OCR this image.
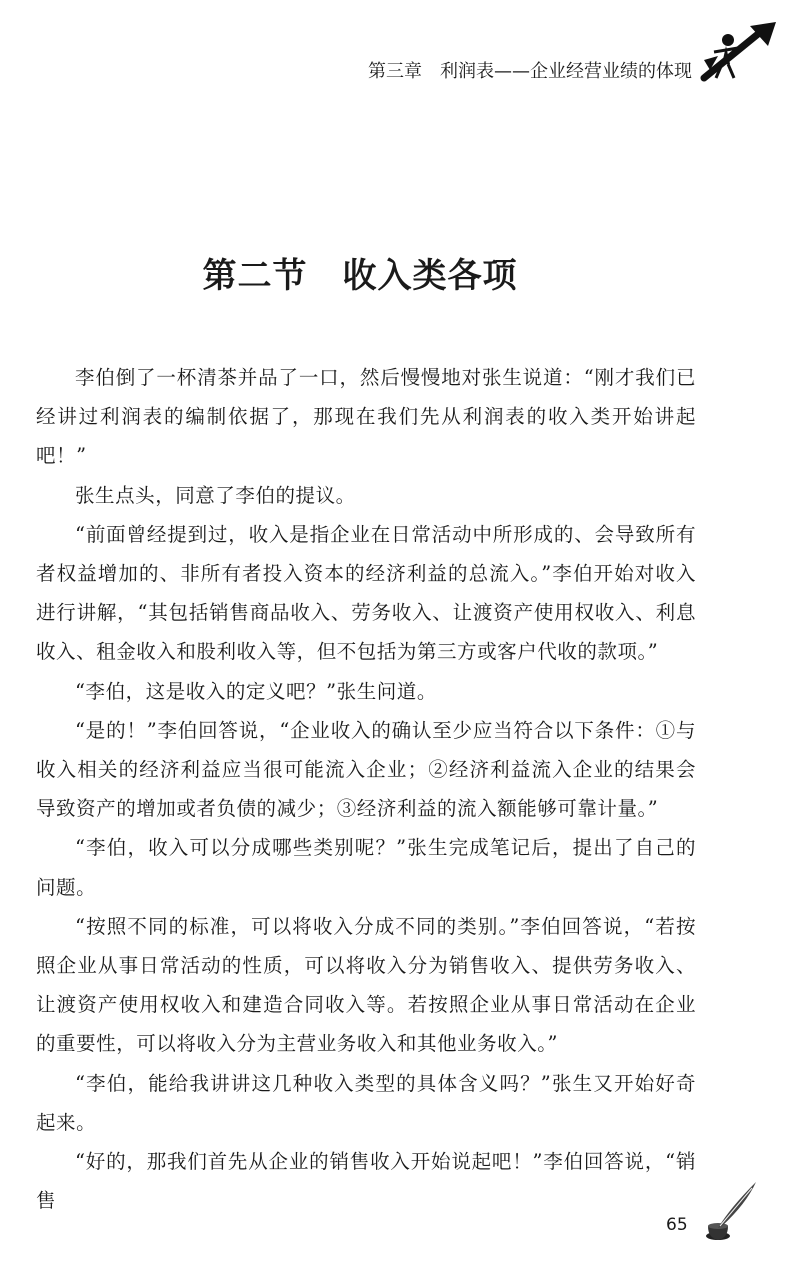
第三章　利润表——企业经营业绩的体现
第二节　收入类各项

李伯倒了一杯清茶并品了一口，然后慢慢地对张生说道：“刚才我们已经讲过利润表的编制依据了，那现在我们先从利润表的收入类开始讲起吧！”

张生点头，同意了李伯的提议。

“前面曾经提到过，收入是指企业在日常活动中所形成的、会导致所有者权益增加的、非所有者投入资本的经济利益的总流入。”李伯开始对收入进行讲解，“其包括销售商品收入、劳务收入、让渡资产使用权收入、利息收入、租金收入和股利收入等，但不包括为第三方或客户代收的款项。”

“李伯，这是收入的定义吧？”张生问道。

“是的！”李伯回答说，“企业收入的确认至少应当符合以下条件：①与收入相关的经济利益应当很可能流入企业；②经济利益流入企业的结果会导致资产的增加或者负债的减少；③经济利益的流入额能够可靠计量。”

“李伯，收入可以分成哪些类别呢？”张生完成笔记后，提出了自己的问题。

“按照不同的标准，可以将收入分成不同的类别。”李伯回答说，“若按照企业从事日常活动的性质，可以将收入分为销售收入、提供劳务收入、让渡资产使用权收入和建造合同收入等。若按照企业从事日常活动在企业的重要性，可以将收入分为主营业务收入和其他业务收入。”

“李伯，能给我讲讲这几种收入类型的具体含义吗？”张生又开始好奇起来。

“好的，那我们首先从企业的销售收入开始说起吧！”李伯回答说，“销售

65
